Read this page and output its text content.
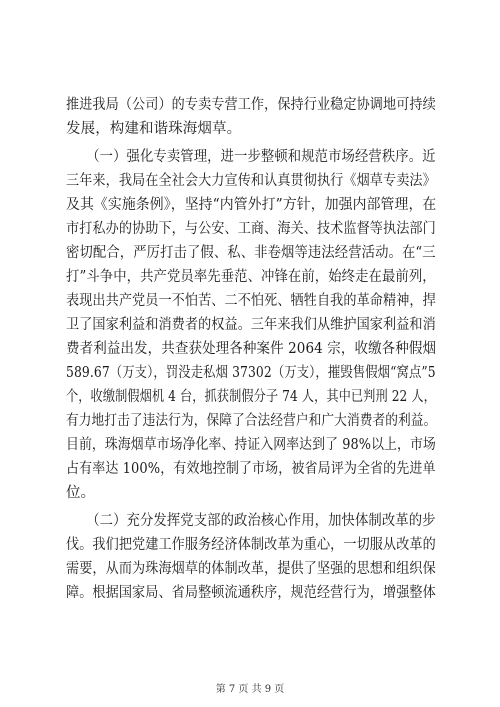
推进我局（公司）的专卖专营工作，保持行业稳定协调地可持续
发展，构建和谐珠海烟草。
　　（一）强化专卖管理，进一步整顿和规范市场经营秩序。近
三年来，我局在全社会大力宣传和认真贯彻执行《烟草专卖法》
及其《实施条例》，坚持“内管外打”方针，加强内部管理，在
市打私办的协助下，与公安、工商、海关、技术监督等执法部门
密切配合，严厉打击了假、私、非卷烟等违法经营活动。在“三
打”斗争中，共产党员率先垂范、冲锋在前，始终走在最前列，
表现出共产党员一不怕苦、二不怕死、牺牲自我的革命精神，捍
卫了国家利益和消费者的权益。三年来我们从维护国家利益和消
费者利益出发，共查获处理各种案件 2064 宗，收缴各种假烟
589.67（万支），罚没走私烟 37302（万支），摧毁售假烟“窝点”5
个，收缴制假烟机 4 台，抓获制假分子 74 人，其中已判刑 22 人，
有力地打击了违法行为，保障了合法经营户和广大消费者的利益。
目前，珠海烟草市场净化率、持证入网率达到了 98%以上，市场
占有率达 100%，有效地控制了市场，被省局评为全省的先进单
位。
　　（二）充分发挥党支部的政治核心作用，加快体制改革的步
伐。我们把党建工作服务经济体制改革为重心，一切服从改革的
需要，从而为珠海烟草的体制改革，提供了坚强的思想和组织保
障。根据国家局、省局整顿流通秩序，规范经营行为，增强整体
第 7 页 共 9 页
